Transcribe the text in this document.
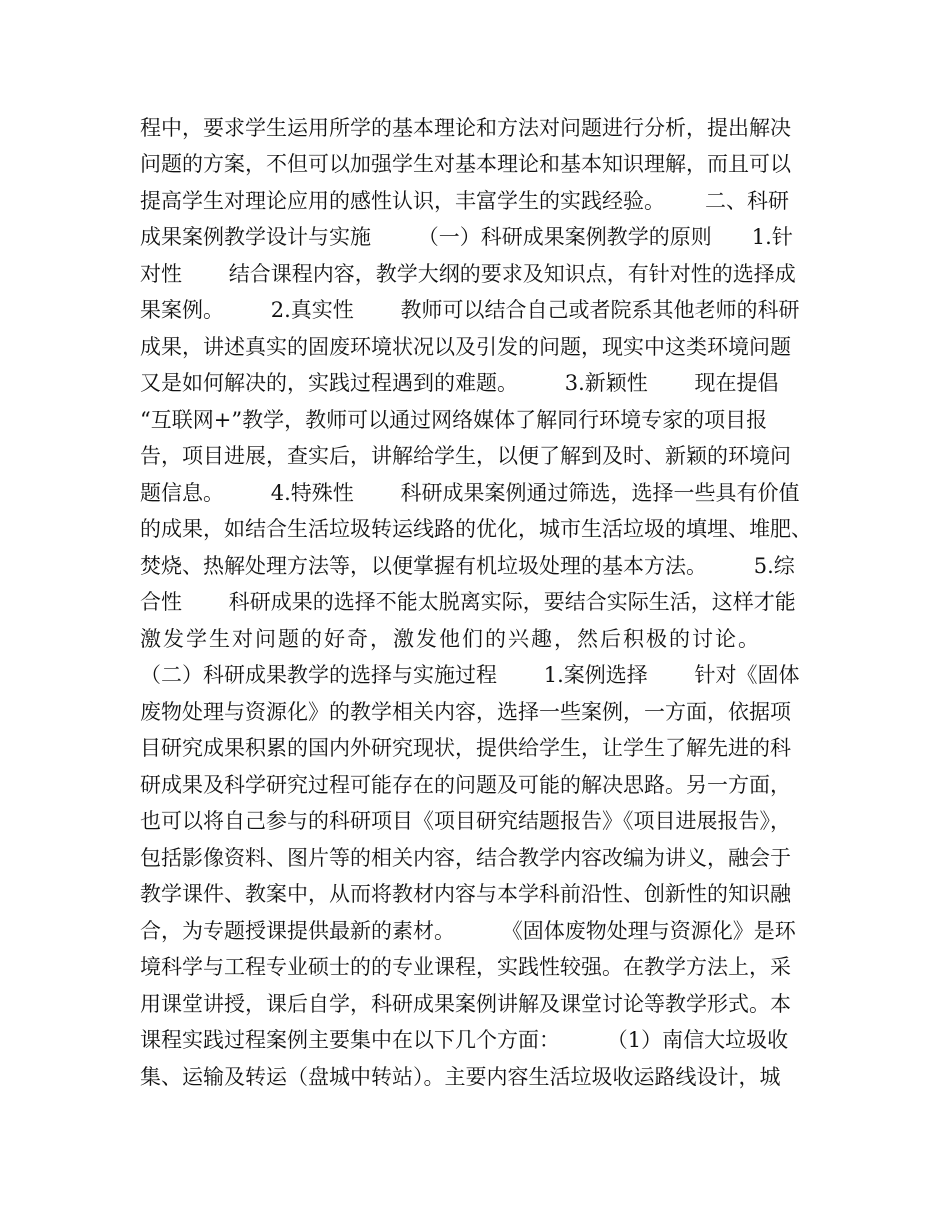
程中，要求学生运用所学的基本理论和方法对问题进行分析，提出解决
问题的方案，不但可以加强学生对基本理论和基本知识理解，而且可以
提高学生对理论应用的感性认识，丰富学生的实践经验。      二、科研
成果案例教学设计与实施       （一）科研成果案例教学的原则      1.针
对性       结合课程内容，教学大纲的要求及知识点，有针对性的选择成
果案例。       2.真实性       教师可以结合自己或者院系其他老师的科研
成果，讲述真实的固废环境状况以及引发的问题，现实中这类环境问题
又是如何解决的，实践过程遇到的难题。       3.新颖性       现在提倡
“互联网+”教学，教师可以通过网络媒体了解同行环境专家的项目报
告，项目进展，查实后，讲解给学生，以便了解到及时、新颖的环境问
题信息。       4.特殊性       科研成果案例通过筛选，选择一些具有价值
的成果，如结合生活垃圾转运线路的优化，城市生活垃圾的填埋、堆肥、
焚烧、热解处理方法等，以便掌握有机垃圾处理的基本方法。       5.综
合性       科研成果的选择不能太脱离实际，要结合实际生活，这样才能
激发学生对问题的好奇，激发他们的兴趣，然后积极的讨论。
（二）科研成果教学的选择与实施过程       1.案例选择       针对《固体
废物处理与资源化》的教学相关内容，选择一些案例，一方面，依据项
目研究成果积累的国内外研究现状，提供给学生，让学生了解先进的科
研成果及科学研究过程可能存在的问题及可能的解决思路。另一方面，
也可以将自己参与的科研项目《项目研究结题报告》《项目进展报告》，
包括影像资料、图片等的相关内容，结合教学内容改编为讲义，融会于
教学课件、教案中，从而将教材内容与本学科前沿性、创新性的知识融
合，为专题授课提供最新的素材。       《固体废物处理与资源化》是环
境科学与工程专业硕士的的专业课程，实践性较强。在教学方法上，采
用课堂讲授，课后自学，科研成果案例讲解及课堂讨论等教学形式。本
课程实践过程案例主要集中在以下几个方面：       （1）南信大垃圾收
集、运输及转运（盘城中转站）。主要内容生活垃圾收运路线设计，城
